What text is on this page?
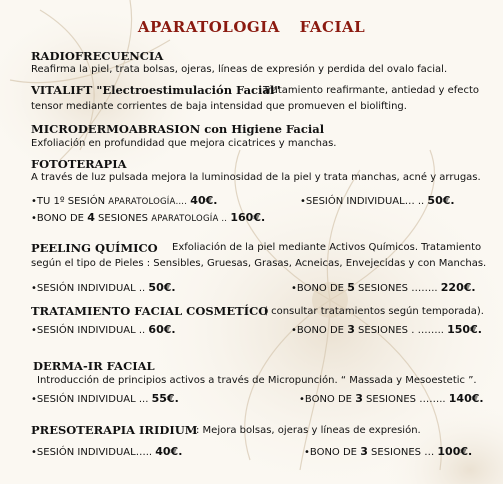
APARATOLOGIA FACIAL
RADIOFRECUENCIA
Reafirma la piel, trata bolsas, ojeras, líneas de expresión y perdida del ovalo facial.
VITALIFT "Electroestimulación Facial"
Tratamiento reafirmante, antiedad y efecto
tensor mediante corrientes de baja intensidad que promueven el biolifting.
MICRODERMOABRASION con Higiene Facial
Exfoliación en profundidad que mejora cicatrices y manchas.
FOTOTERAPIA
A través de luz pulsada mejora la luminosidad de la piel y trata manchas, acné y arrugas.
•TU 1º SESIÓN APARATOLOGÍA…. 40€.	•SESIÓN INDIVIDUAL… .. 50€.
•BONO DE 4 SESIONES APARATOLOGÍA .. 160€.
PEELING QUÍMICO Exfoliación de la piel mediante Activos Químicos. Tratamiento
según el tipo de Pieles : Sensibles, Gruesas, Grasas, Acneicas, Envejecidas y con Manchas.
•SESIÓN INDIVIDUAL .. 50€.	•BONO DE 5 SESIONES …….. 220€.
TRATAMIENTO FACIAL COSMETÍCO
( consultar tratamientos según temporada).
•SESIÓN INDIVIDUAL .. 60€.	•BONO DE 3 SESIONES . …….. 150€.
DERMA-IR FACIAL
Introducción de principios activos a través de Micropunción. “ Massada y Mesoestetic ”.
•SESIÓN INDIVIDUAL ... 55€.	•BONO DE 3 SESIONES …….. 140€.
PRESOTERAPIA IRIDIUM
: Mejora bolsas, ojeras y líneas de expresión.
•SESIÓN INDIVIDUAL….. 40€.	•BONO DE 3 SESIONES … 100€.
